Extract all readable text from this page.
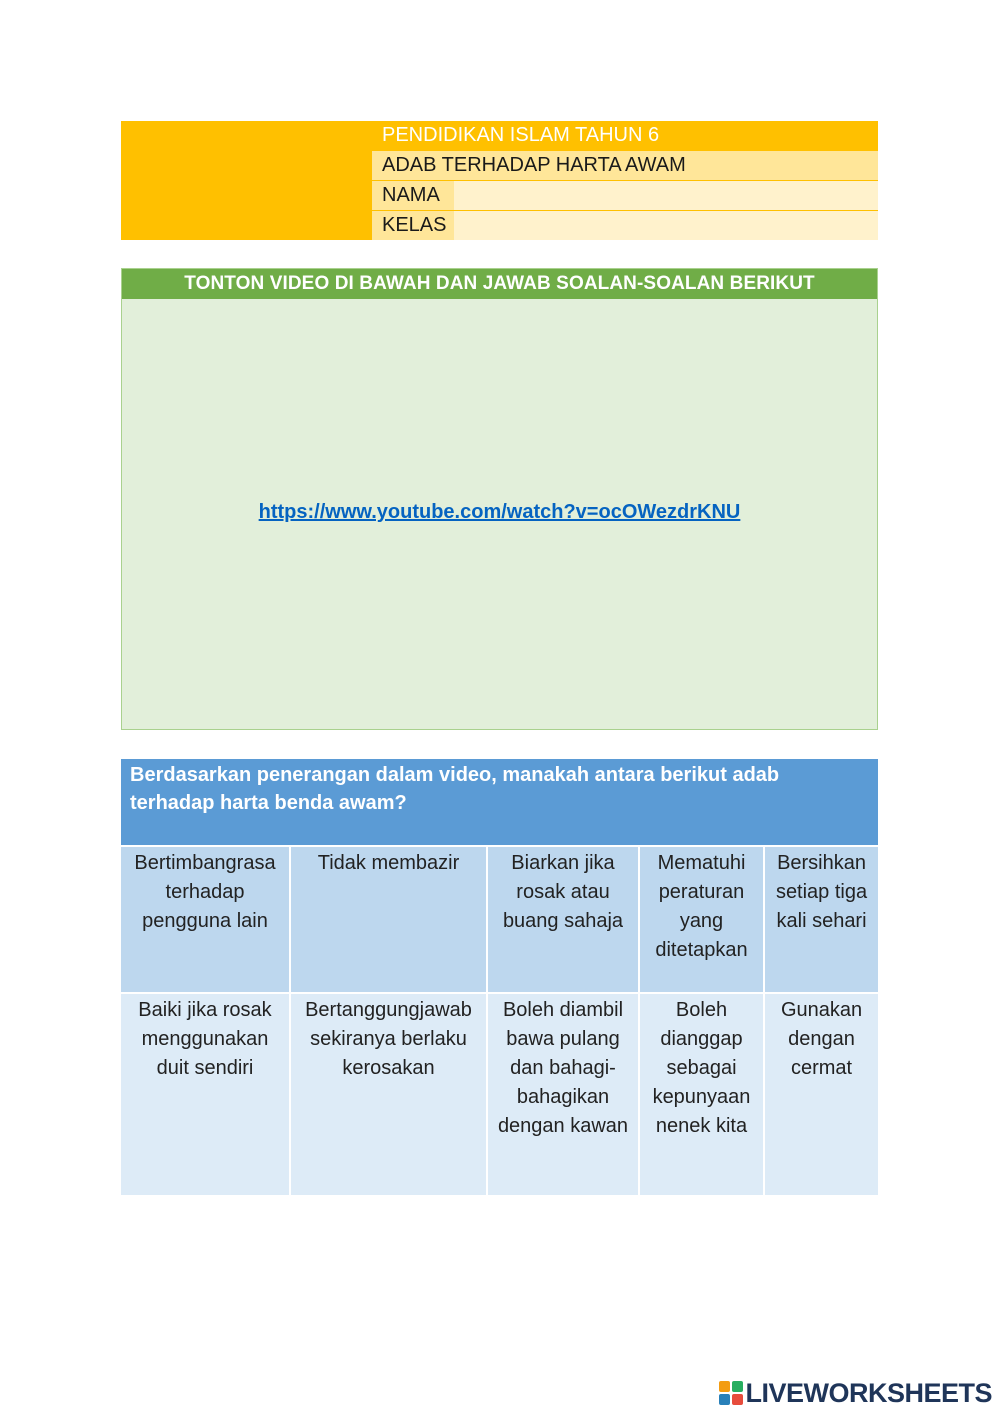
PENDIDIKAN ISLAM TAHUN 6
ADAB TERHADAP HARTA AWAM
NAMA
KELAS
TONTON VIDEO DI BAWAH DAN JAWAB SOALAN-SOALAN BERIKUT
https://www.youtube.com/watch?v=ocOWezdrKNU
Berdasarkan penerangan dalam video, manakah antara berikut adab terhadap harta benda awam?				
Bertimbangrasa terhadap pengguna lain	Tidak membazir	Biarkan jika rosak atau buang sahaja	Mematuhi peraturan yang ditetapkan	Bersihkan setiap tiga kali sehari
Baiki jika rosak menggunakan duit sendiri	Bertanggungjawab sekiranya berlaku kerosakan	Boleh diambil bawa pulang dan bahagi-bahagikan dengan kawan	Boleh dianggap sebagai kepunyaan nenek kita	Gunakan dengan cermat
LIVEWORKSHEETS
